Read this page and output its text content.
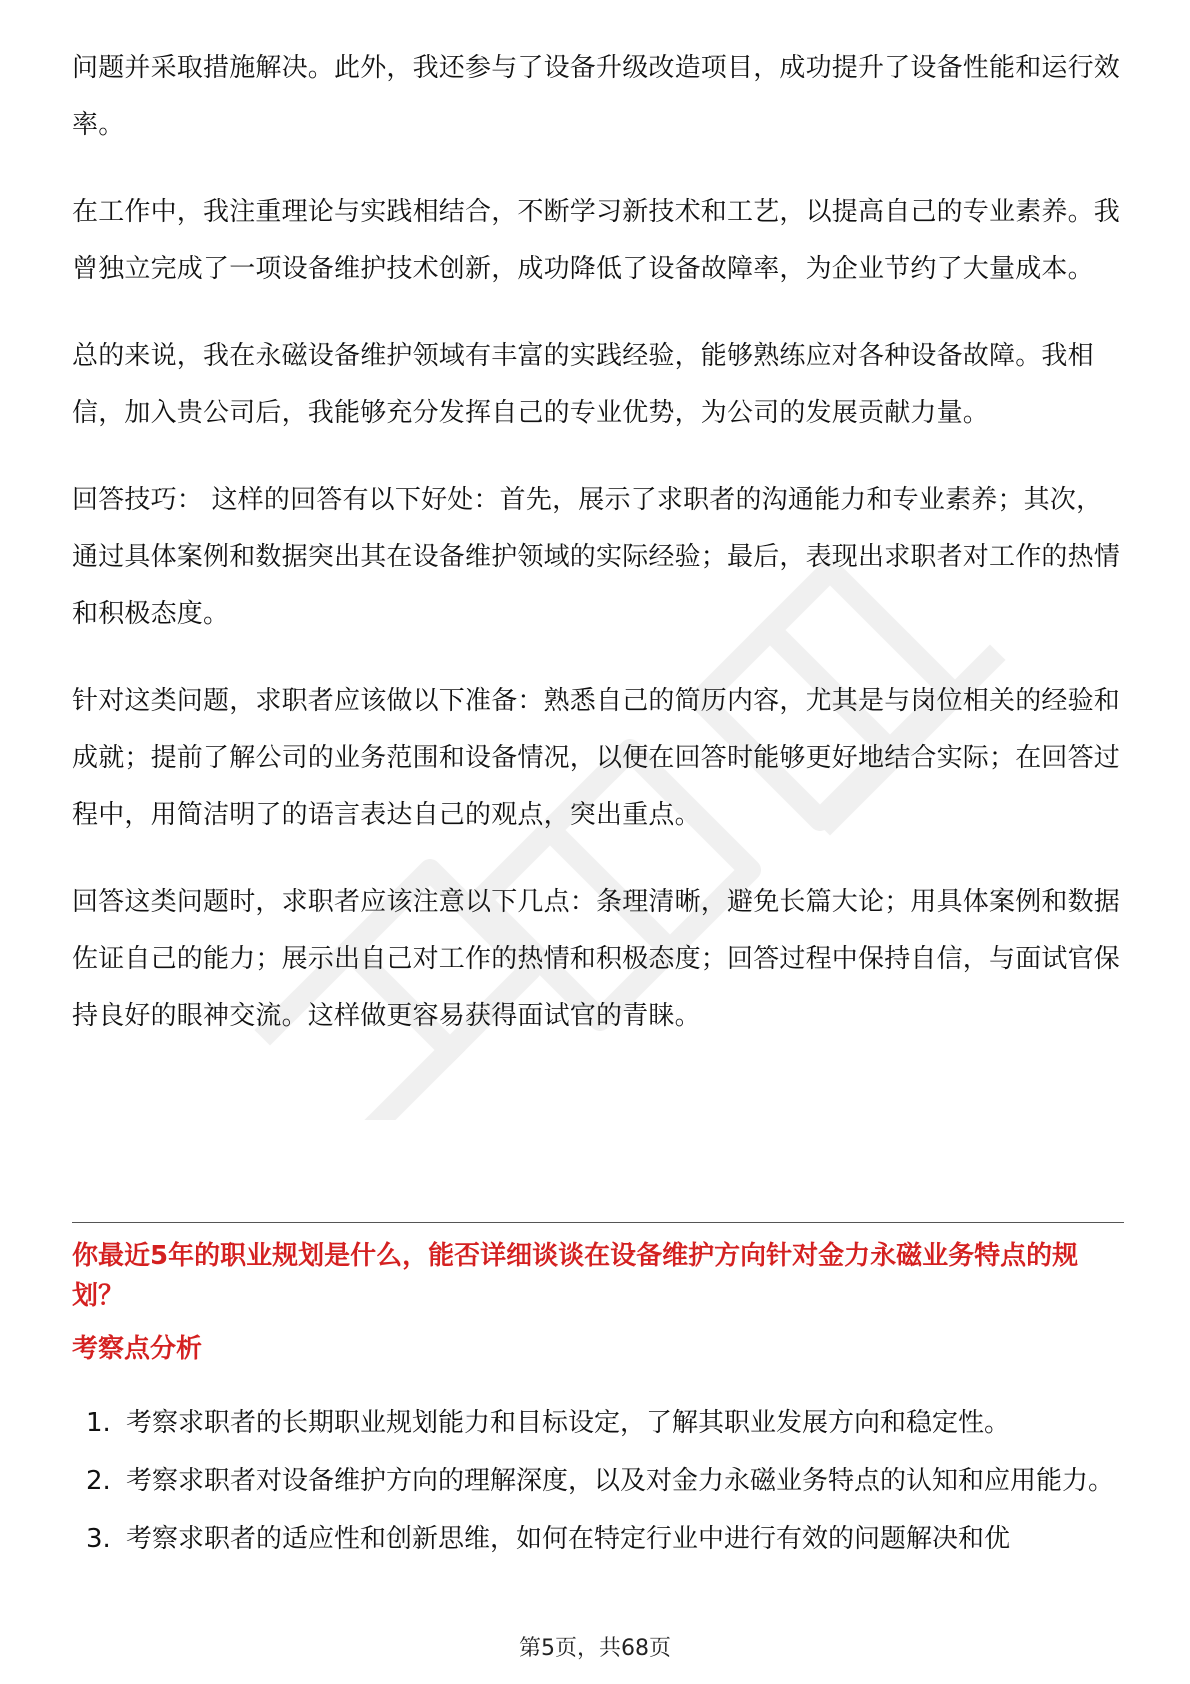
问题并采取措施解决。此外，我还参与了设备升级改造项目，成功提升了设备性能和运行效率。

在工作中，我注重理论与实践相结合，不断学习新技术和工艺，以提高自己的专业素养。我曾独立完成了一项设备维护技术创新，成功降低了设备故障率，为企业节约了大量成本。

总的来说，我在永磁设备维护领域有丰富的实践经验，能够熟练应对各种设备故障。我相信，加入贵公司后，我能够充分发挥自己的专业优势，为公司的发展贡献力量。

回答技巧： 这样的回答有以下好处：首先，展示了求职者的沟通能力和专业素养；其次，通过具体案例和数据突出其在设备维护领域的实际经验；最后，表现出求职者对工作的热情和积极态度。

针对这类问题，求职者应该做以下准备：熟悉自己的简历内容，尤其是与岗位相关的经验和成就；提前了解公司的业务范围和设备情况，以便在回答时能够更好地结合实际；在回答过程中，用简洁明了的语言表达自己的观点，突出重点。

回答这类问题时，求职者应该注意以下几点：条理清晰，避免长篇大论；用具体案例和数据佐证自己的能力；展示出自己对工作的热情和积极态度；回答过程中保持自信，与面试官保持良好的眼神交流。这样做更容易获得面试官的青睐。

你最近5年的职业规划是什么，能否详细谈谈在设备维护方向针对金力永磁业务特点的规划？
考察点分析
1. 考察求职者的长期职业规划能力和目标设定，了解其职业发展方向和稳定性。
2. 考察求职者对设备维护方向的理解深度，以及对金力永磁业务特点的认知和应用能力。
3. 考察求职者的适应性和创新思维，如何在特定行业中进行有效的问题解决和优
第5页，共68页
